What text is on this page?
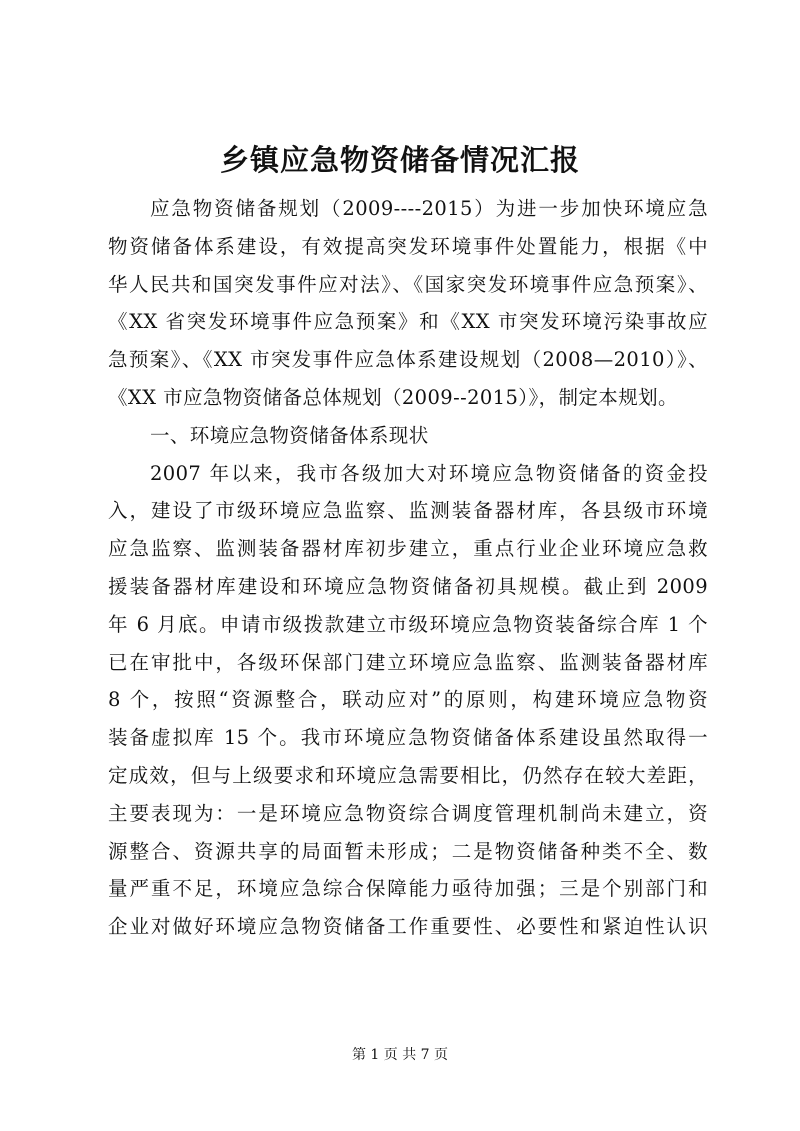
乡镇应急物资储备情况汇报
应急物资储备规划（2009----2015）为进一步加快环境应急
物资储备体系建设，有效提高突发环境事件处置能力，根据《中
华人民共和国突发事件应对法》、《国家突发环境事件应急预案》、
《XX 省突发环境事件应急预案》和《XX 市突发环境污染事故应
急预案》、《XX 市突发事件应急体系建设规划（2008—2010）》、
《XX 市应急物资储备总体规划（2009--2015）》，制定本规划。
一、环境应急物资储备体系现状
2007 年以来，我市各级加大对环境应急物资储备的资金投
入，建设了市级环境应急监察、监测装备器材库，各县级市环境
应急监察、监测装备器材库初步建立，重点行业企业环境应急救
援装备器材库建设和环境应急物资储备初具规模。截止到 2009
年 6 月底。申请市级拨款建立市级环境应急物资装备综合库 1 个
已在审批中，各级环保部门建立环境应急监察、监测装备器材库
8 个，按照“资源整合，联动应对”的原则，构建环境应急物资
装备虚拟库 15 个。我市环境应急物资储备体系建设虽然取得一
定成效，但与上级要求和环境应急需要相比，仍然存在较大差距，
主要表现为：一是环境应急物资综合调度管理机制尚未建立，资
源整合、资源共享的局面暂未形成；二是物资储备种类不全、数
量严重不足，环境应急综合保障能力亟待加强；三是个别部门和
企业对做好环境应急物资储备工作重要性、必要性和紧迫性认识
第 1 页 共 7 页
